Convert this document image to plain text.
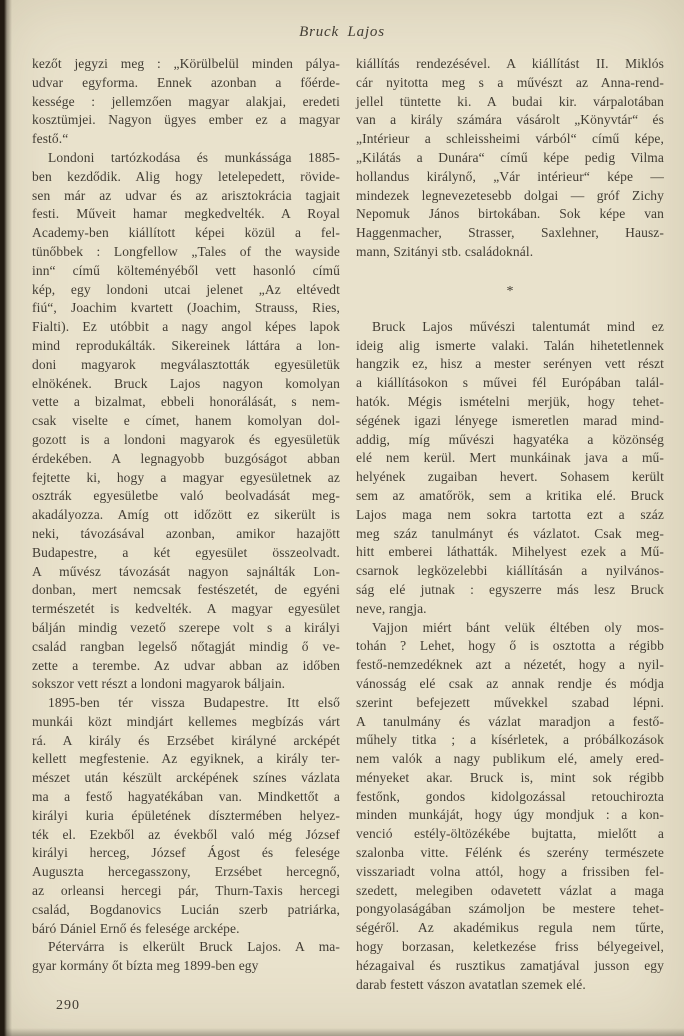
Bruck Lajos
kezőt jegyzi meg : „Körülbelül minden pálya-
udvar egyforma. Ennek azonban a főérde-
kessége : jellemzően magyar alakjai, eredeti
kosztümjei. Nagyon ügyes ember ez a magyar
festő.“
Londoni tartózkodása és munkássága 1885-
ben kezdődik. Alig hogy letelepedett, rövide-
sen már az udvar és az arisztokrácia tagjait
festi. Műveit hamar megkedvelték. A Royal
Academy-ben kiállított képei közül a fel-
tünőbbek : Longfellow „Tales of the wayside
inn“ című költeményéből vett hasonló című
kép, egy londoni utcai jelenet „Az eltévedt
fiú“, Joachim kvartett (Joachim, Strauss, Ries,
Fialti). Ez utóbbit a nagy angol képes lapok
mind reprodukálták. Sikereinek láttára a lon-
doni magyarok megválasztották egyesületük
elnökének. Bruck Lajos nagyon komolyan
vette a bizalmat, ebbeli honorálását, s nem-
csak viselte e címet, hanem komolyan dol-
gozott is a londoni magyarok és egyesületük
érdekében. A legnagyobb buzgóságot abban
fejtette ki, hogy a magyar egyesületnek az
osztrák egyesületbe való beolvadását meg-
akadályozza. Amíg ott időzött ez sikerült is
neki, távozásával azonban, amikor hazajött
Budapestre, a két egyesület összeolvadt.
A művész távozását nagyon sajnálták Lon-
donban, mert nemcsak festészetét, de egyéni
természetét is kedvelték. A magyar egyesület
bálján mindig vezető szerepe volt s a királyi
család rangban legelső nőtagját mindig ő ve-
zette a terembe. Az udvar abban az időben
sokszor vett részt a londoni magyarok báljain.
1895-ben tér vissza Budapestre. Itt első
munkái közt mindjárt kellemes megbízás várt
rá. A király és Erzsébet királyné arcképét
kellett megfestenie. Az egyiknek, a király ter-
mészet után készült arcképének színes vázlata
ma a festő hagyatékában van. Mindkettőt a
királyi kuria épületének dísztermében helyez-
ték el. Ezekből az évekből való még József
királyi herceg, József Ágost és felesége
Auguszta hercegasszony, Erzsébet hercegnő,
az orleansi hercegi pár, Thurn-Taxis hercegi
család, Bogdanovics Lucián szerb patriárka,
báró Dániel Ernő és felesége arcképe.
Pétervárra is elkerült Bruck Lajos. A ma-
gyar kormány őt bízta meg 1899-ben egy
kiállítás rendezésével. A kiállítást II. Miklós
cár nyitotta meg s a művészt az Anna-rend-
jellel tüntette ki. A budai kir. várpalotában
van a király számára vásárolt „Könyvtár“ és
„Intérieur a schleissheimi várból“ című képe,
„Kilátás a Dunára“ című képe pedig Vilma
hollandus királynő, „Vár intérieur“ képe —
mindezek legnevezetesebb dolgai — gróf Zichy
Nepomuk János birtokában. Sok képe van
Haggenmacher, Strasser, Saxlehner, Hausz-
mann, Szitányi stb. családoknál.
*
Bruck Lajos művészi talentumát mind ez
ideig alig ismerte valaki. Talán hihetetlennek
hangzik ez, hisz a mester serényen vett részt
a kiállításokon s művei fél Európában talál-
hatók. Mégis ismételni merjük, hogy tehet-
ségének igazi lényege ismeretlen marad mind-
addig, míg művészi hagyatéka a közönség
elé nem kerül. Mert munkáinak java a mű-
helyének zugaiban hevert. Sohasem került
sem az amatőrök, sem a kritika elé. Bruck
Lajos maga nem sokra tartotta ezt a száz
meg száz tanulmányt és vázlatot. Csak meg-
hitt emberei láthatták. Mihelyest ezek a Mű-
csarnok legközelebbi kiállításán a nyilvános-
ság elé jutnak : egyszerre más lesz Bruck
neve, rangja.
Vajjon miért bánt velük éltében oly mos-
tohán ? Lehet, hogy ő is osztotta a régibb
festő-nemzedéknek azt a nézetét, hogy a nyil-
vánosság elé csak az annak rendje és módja
szerint befejezett művekkel szabad lépni.
A tanulmány és vázlat maradjon a festő-
műhely titka ; a kísérletek, a próbálkozások
nem valók a nagy publikum elé, amely ered-
ményeket akar. Bruck is, mint sok régibb
festőnk, gondos kidolgozással retouchirozta
minden munkáját, hogy úgy mondjuk : a kon-
venció estély-öltözékébe bujtatta, mielőtt a
szalonba vitte. Félénk és szerény természete
visszariadt volna attól, hogy a frissiben fel-
szedett, melegiben odavetett vázlat a maga
pongyolaságában számoljon be mestere tehet-
ségéről. Az akadémikus regula nem tűrte,
hogy borzasan, keletkezése friss bélyegeivel,
hézagaival és rusztikus zamatjával jusson egy
darab festett vászon avatatlan szemek elé.
290
